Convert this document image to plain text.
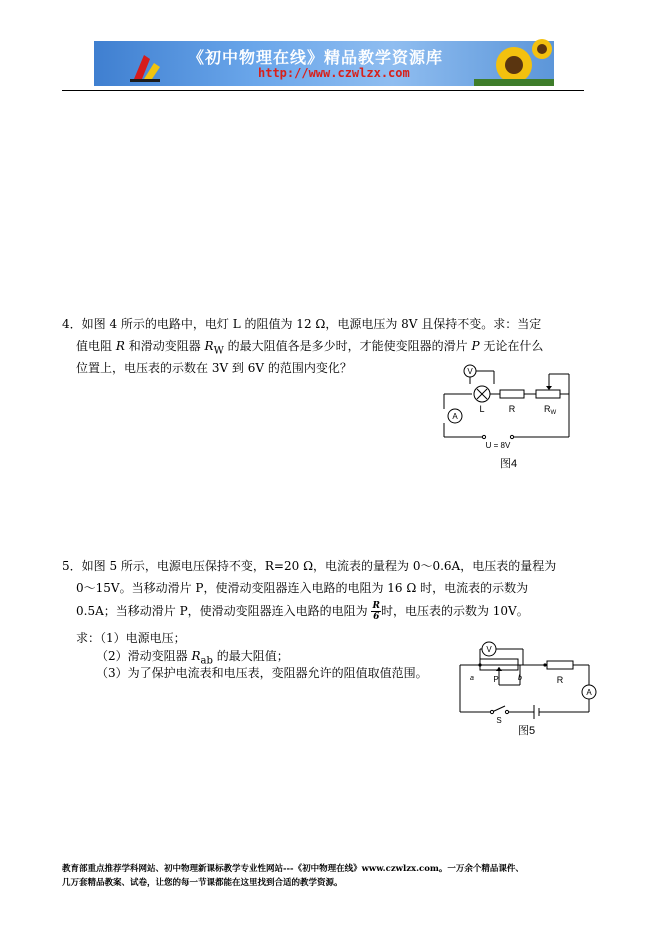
《初中物理在线》精品教学资源库
http://www.czwlzx.com
4．如图 4 所示的电路中，电灯 L 的阻值为 12 Ω，电源电压为 8V 且保持不变。求：当定
值电阻 R 和滑动变阻器 $R_W$ 的最大阻值各是多少时，才能使变阻器的滑片 P 无论在什么
位置上，电压表的示数在 3V 到 6V 的范围内变化？	V
A
L	R	$R_W$
U = 8V
图4
5．如图 5 所示，电源电压保持不变，R=20 Ω，电流表的量程为 0～0.6A，电压表的量程为
0～15V。当移动滑片 P，使滑动变阻器连入电路的电阻为 16 Ω 时，电流表的示数为
0.5A；当移动滑片 P，使滑动变阻器连入电路的电阻为 $\frac{R}{6}$ 时，电压表的示数为 10V。
求：（1）电源电压；
（2）滑动变阻器 $R_{ab}$ 的最大阻值；
（3）为了保护电流表和电压表，变阻器允许的阻值取值范围。
V
A
a	b
P	R
S
图5
教育部重点推荐学科网站、初中物理新课标教学专业性网站---《初中物理在线》www.czwlzx.com。一万余个精品课件、
几万套精品教案、试卷，让您的每一节课都能在这里找到合适的教学资源。
